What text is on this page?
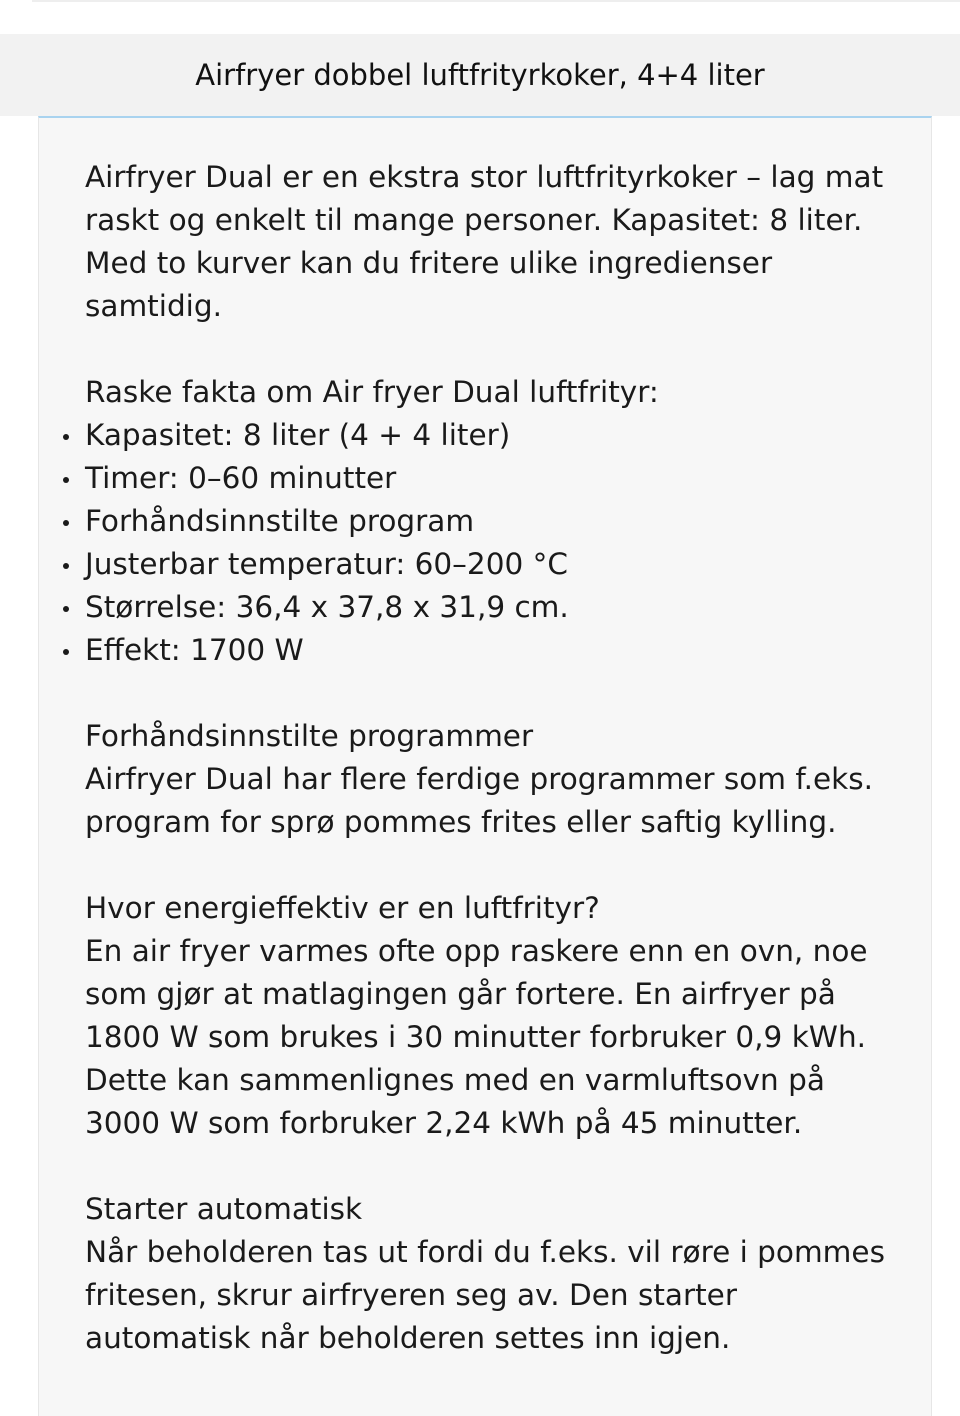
Airfryer dobbel luftfrityrkoker, 4+4 liter

Airfryer Dual er en ekstra stor luftfrityrkoker – lag mat

raskt og enkelt til mange personer. Kapasitet: 8 liter.

Med to kurver kan du fritere ulike ingredienser

samtidig.

Raske fakta om Air fryer Dual luftfrityr:

Kapasitet: 8 liter (4 + 4 liter)
Timer: 0–60 minutter
Forhåndsinnstilte program
Justerbar temperatur: 60–200 °C
Størrelse: 36,4 x 37,8 x 31,9 cm.
Effekt: 1700 W

Forhåndsinnstilte programmer

Airfryer Dual har flere ferdige programmer som f.eks.

program for sprø pommes frites eller saftig kylling.

Hvor energieffektiv er en luftfrityr?

En air fryer varmes ofte opp raskere enn en ovn, noe

som gjør at matlagingen går fortere. En airfryer på

1800 W som brukes i 30 minutter forbruker 0,9 kWh.

Dette kan sammenlignes med en varmluftsovn på

3000 W som forbruker 2,24 kWh på 45 minutter.

Starter automatisk

Når beholderen tas ut fordi du f.eks. vil røre i pommes

fritesen, skrur airfryeren seg av. Den starter

automatisk når beholderen settes inn igjen.
